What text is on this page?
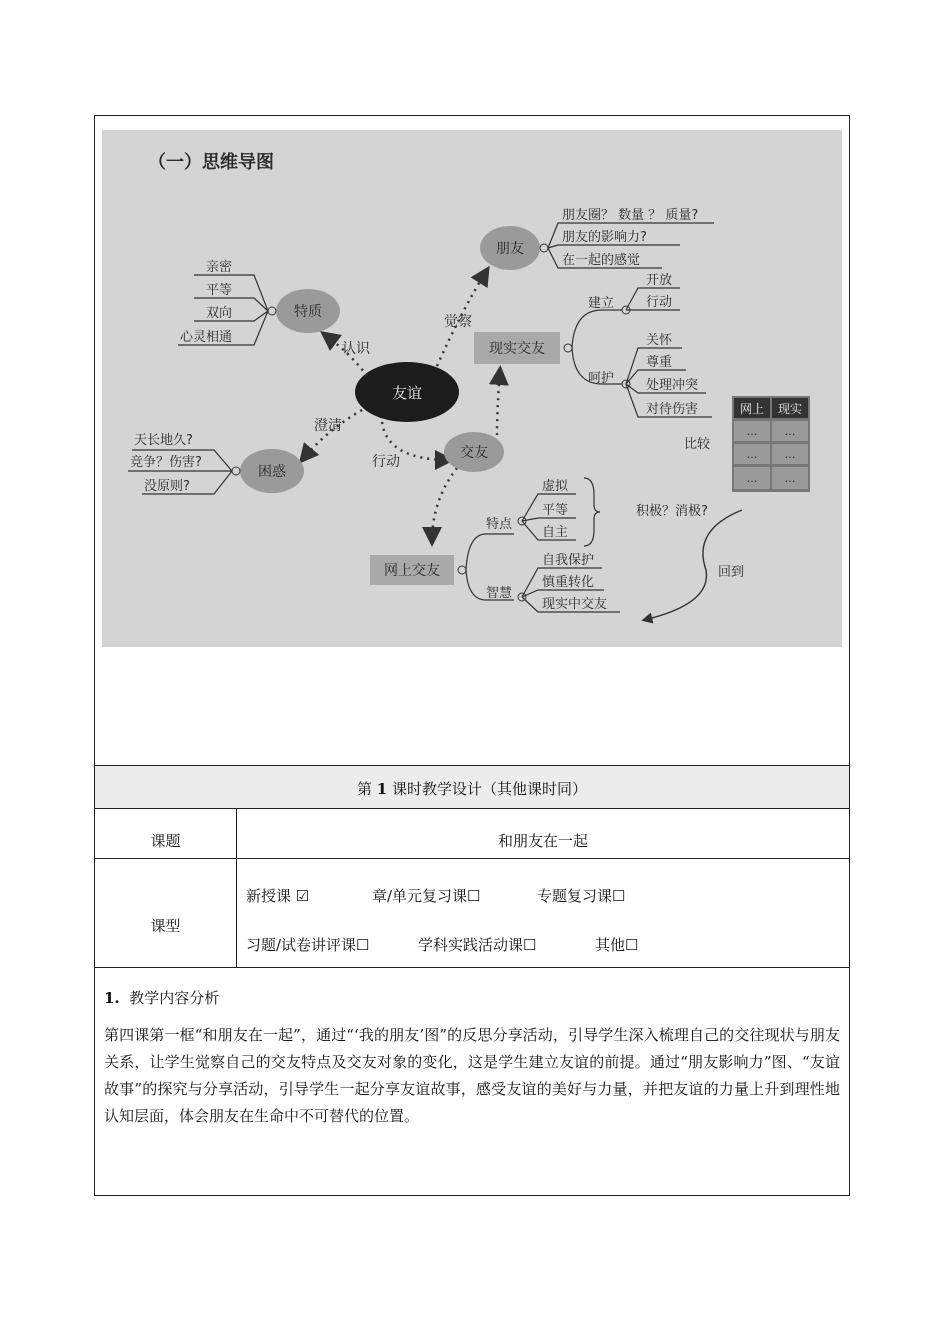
（一）思维导图
友谊
认识
澄清
觉察
行动
特质
亲密
平等
双向
心灵相通
困惑
天长地久?
竞争？伤害?
没原则?
朋友
朋友圈？ 数量 ？ 质量?
朋友的影响力?
在一起的感觉
现实交友
建立
呵护
开放
行动
关怀
尊重
处理冲突
对待伤害
交友
网上交友
特点
智慧
虚拟
平等
自主
自我保护
慎重转化
现实中交友
网上 现实
… …
… …
… …
比较
积极？消极?
回到
第 1 课时教学设计（其他课时同）
课题	和朋友在一起
课型
新授课 ☑	章/单元复习课☐	专题复习课☐
习题/试卷讲评课☐	学科实践活动课☐	其他☐
1. 教学内容分析
第四课第一框“和朋友在一起”，通过“‘我的朋友’图”的反思分享活动，引导学生深入梳理自己的交往现状与朋友关系，让学生觉察自己的交友特点及交友对象的变化，这是学生建立友谊的前提。通过“朋友影响力”图、“友谊故事”的探究与分享活动，引导学生一起分享友谊故事，感受友谊的美好与力量，并把友谊的力量上升到理性地认知层面，体会朋友在生命中不可替代的位置。
